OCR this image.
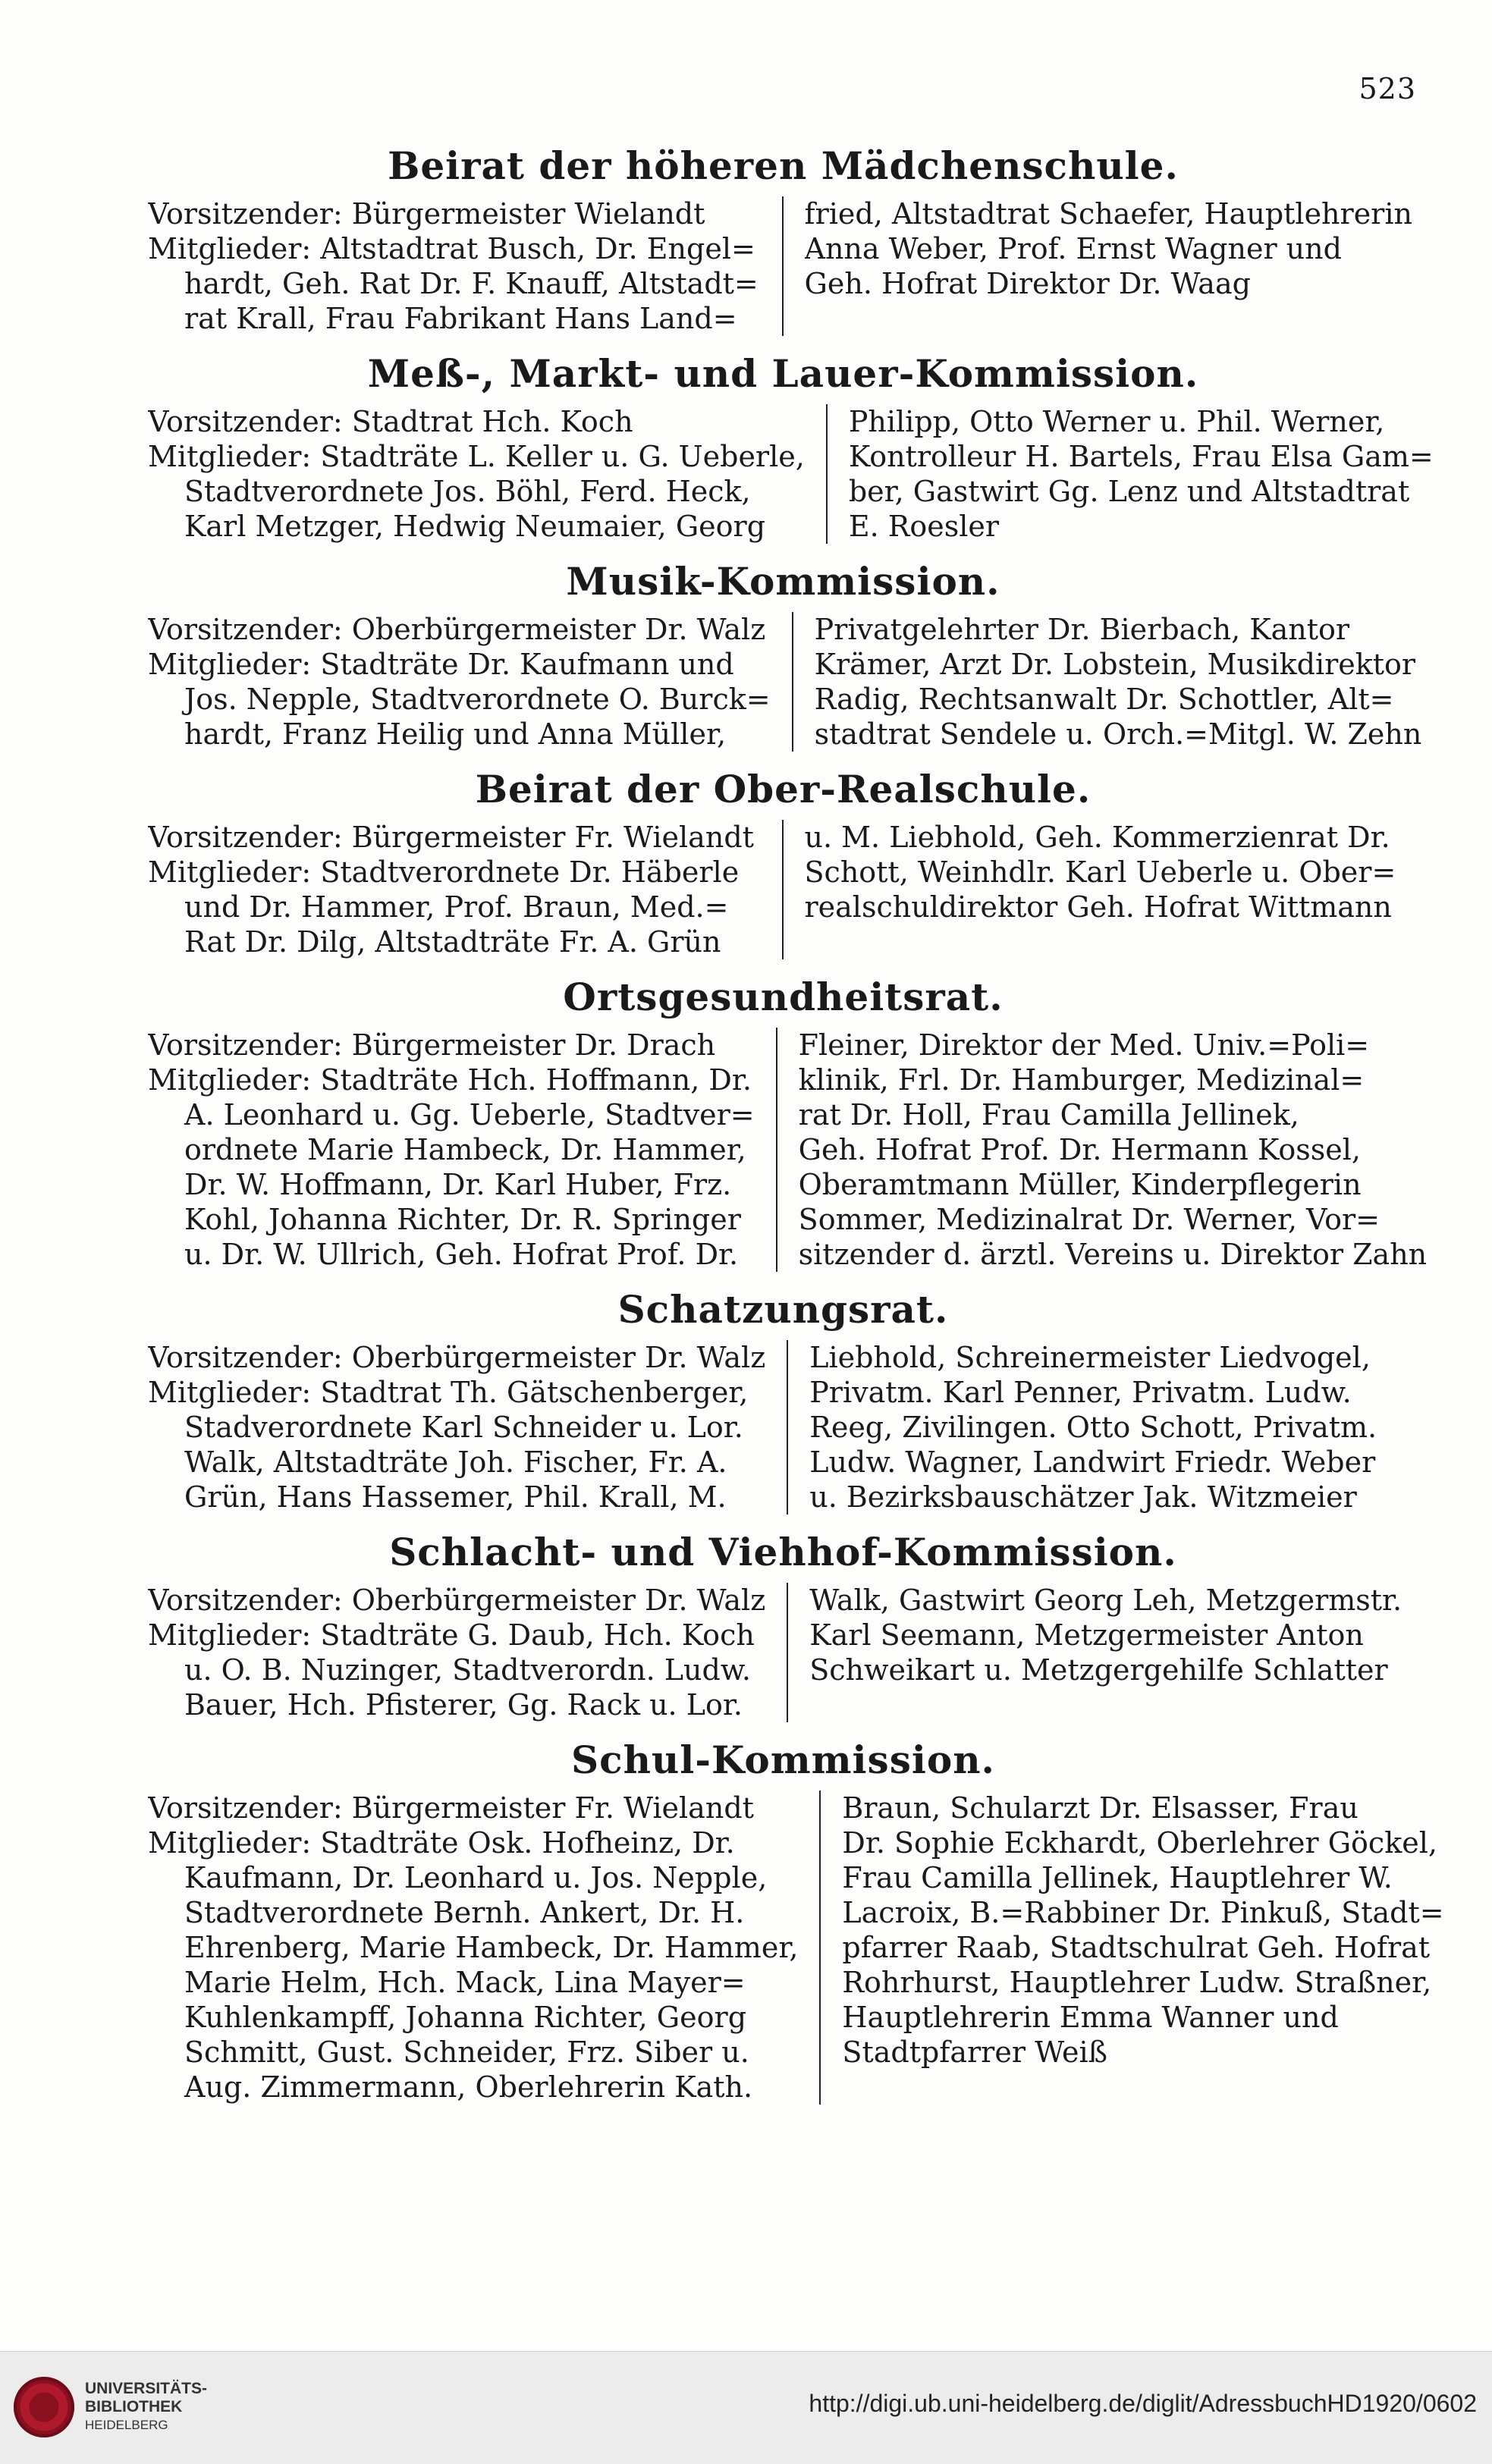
523
Beirat der höheren Mädchenschule.
Vorsitzender: Bürgermeister Wielandt
Mitglieder: Altstadtrat Busch, Dr. Engel=
hardt, Geh. Rat Dr. F. Knauff, Altstadt=
rat Krall, Frau Fabrikant Hans Land=
fried, Altstadtrat Schaefer, Hauptlehrerin
Anna Weber, Prof. Ernst Wagner und
Geh. Hofrat Direktor Dr. Waag
Meß-, Markt- und Lauer-Kommission.
Vorsitzender: Stadtrat Hch. Koch
Mitglieder: Stadträte L. Keller u. G. Ueberle,
Stadtverordnete Jos. Böhl, Ferd. Heck,
Karl Metzger, Hedwig Neumaier, Georg
Philipp, Otto Werner u. Phil. Werner,
Kontrolleur H. Bartels, Frau Elsa Gam=
ber, Gastwirt Gg. Lenz und Altstadtrat
E. Roesler
Musik-Kommission.
Vorsitzender: Oberbürgermeister Dr. Walz
Mitglieder: Stadträte Dr. Kaufmann und
Jos. Nepple, Stadtverordnete O. Burck=
hardt, Franz Heilig und Anna Müller,
Privatgelehrter Dr. Bierbach, Kantor
Krämer, Arzt Dr. Lobstein, Musikdirektor
Radig, Rechtsanwalt Dr. Schottler, Alt=
stadtrat Sendele u. Orch.=Mitgl. W. Zehn
Beirat der Ober-Realschule.
Vorsitzender: Bürgermeister Fr. Wielandt
Mitglieder: Stadtverordnete Dr. Häberle
und Dr. Hammer, Prof. Braun, Med.=
Rat Dr. Dilg, Altstadträte Fr. A. Grün
u. M. Liebhold, Geh. Kommerzienrat Dr.
Schott, Weinhdlr. Karl Ueberle u. Ober=
realschuldirektor Geh. Hofrat Wittmann
Ortsgesundheitsrat.
Vorsitzender: Bürgermeister Dr. Drach
Mitglieder: Stadträte Hch. Hoffmann, Dr.
A. Leonhard u. Gg. Ueberle, Stadtver=
ordnete Marie Hambeck, Dr. Hammer,
Dr. W. Hoffmann, Dr. Karl Huber, Frz.
Kohl, Johanna Richter, Dr. R. Springer
u. Dr. W. Ullrich, Geh. Hofrat Prof. Dr.
Fleiner, Direktor der Med. Univ.=Poli=
klinik, Frl. Dr. Hamburger, Medizinal=
rat Dr. Holl, Frau Camilla Jellinek,
Geh. Hofrat Prof. Dr. Hermann Kossel,
Oberamtmann Müller, Kinderpflegerin
Sommer, Medizinalrat Dr. Werner, Vor=
sitzender d. ärztl. Vereins u. Direktor Zahn
Schatzungsrat.
Vorsitzender: Oberbürgermeister Dr. Walz
Mitglieder: Stadtrat Th. Gätschenberger,
Stadverordnete Karl Schneider u. Lor.
Walk, Altstadträte Joh. Fischer, Fr. A.
Grün, Hans Hassemer, Phil. Krall, M.
Liebhold, Schreinermeister Liedvogel,
Privatm. Karl Penner, Privatm. Ludw.
Reeg, Zivilingen. Otto Schott, Privatm.
Ludw. Wagner, Landwirt Friedr. Weber
u. Bezirksbauschätzer Jak. Witzmeier
Schlacht- und Viehhof-Kommission.
Vorsitzender: Oberbürgermeister Dr. Walz
Mitglieder: Stadträte G. Daub, Hch. Koch
u. O. B. Nuzinger, Stadtverordn. Ludw.
Bauer, Hch. Pfisterer, Gg. Rack u. Lor.
Walk, Gastwirt Georg Leh, Metzgermstr.
Karl Seemann, Metzgermeister Anton
Schweikart u. Metzgergehilfe Schlatter
Schul-Kommission.
Vorsitzender: Bürgermeister Fr. Wielandt
Mitglieder: Stadträte Osk. Hofheinz, Dr.
Kaufmann, Dr. Leonhard u. Jos. Nepple,
Stadtverordnete Bernh. Ankert, Dr. H.
Ehrenberg, Marie Hambeck, Dr. Hammer,
Marie Helm, Hch. Mack, Lina Mayer=
Kuhlenkampff, Johanna Richter, Georg
Schmitt, Gust. Schneider, Frz. Siber u.
Aug. Zimmermann, Oberlehrerin Kath.
Braun, Schularzt Dr. Elsasser, Frau
Dr. Sophie Eckhardt, Oberlehrer Göckel,
Frau Camilla Jellinek, Hauptlehrer W.
Lacroix, B.=Rabbiner Dr. Pinkuß, Stadt=
pfarrer Raab, Stadtschulrat Geh. Hofrat
Rohrhurst, Hauptlehrer Ludw. Straßner,
Hauptlehrerin Emma Wanner und
Stadtpfarrer Weiß
UNIVERSITÄTS-
BIBLIOTHEK
HEIDELBERG
http://digi.ub.uni-heidelberg.de/diglit/AdressbuchHD1920/0602
